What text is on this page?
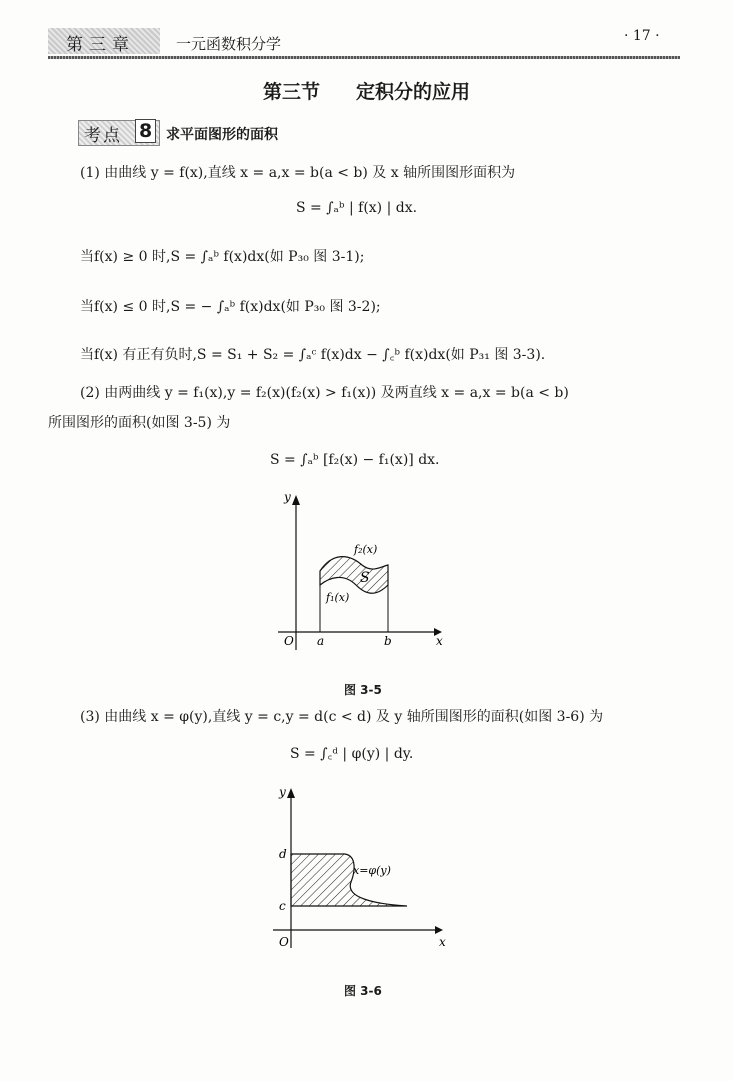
第三章	一元函数积分学	· 17 ·
第三节 定积分的应用
考点 8 求平面图形的面积
(1) 由曲线 y = f(x),直线 x = a,x = b(a < b) 及 x 轴所围图形面积为
S = ∫ₐᵇ | f(x) | dx.
当f(x) ≥ 0 时,S = ∫ₐᵇ f(x)dx(如 P₃₀ 图 3-1);
当f(x) ≤ 0 时,S = − ∫ₐᵇ f(x)dx(如 P₃₀ 图 3-2);
当f(x) 有正有负时,S = S₁ + S₂ = ∫ₐᶜ f(x)dx − ∫꜀ᵇ f(x)dx(如 P₃₁ 图 3-3).
(2) 由两曲线 y = f₁(x),y = f₂(x)(f₂(x) > f₁(x)) 及两直线 x = a,x = b(a < b)
所围图形的面积(如图 3-5) 为
S = ∫ₐᵇ [f₂(x) − f₁(x)] dx.
f₂(x)
S
f₁(x)
y
x
O a	b
图 3-5
(3) 由曲线 x = φ(y),直线 y = c,y = d(c < d) 及 y 轴所围图形的面积(如图 3-6) 为
S = ∫꜀ᵈ | φ(y) | dy.
x=φ(y)
d
c
y
x
O
图 3-6
